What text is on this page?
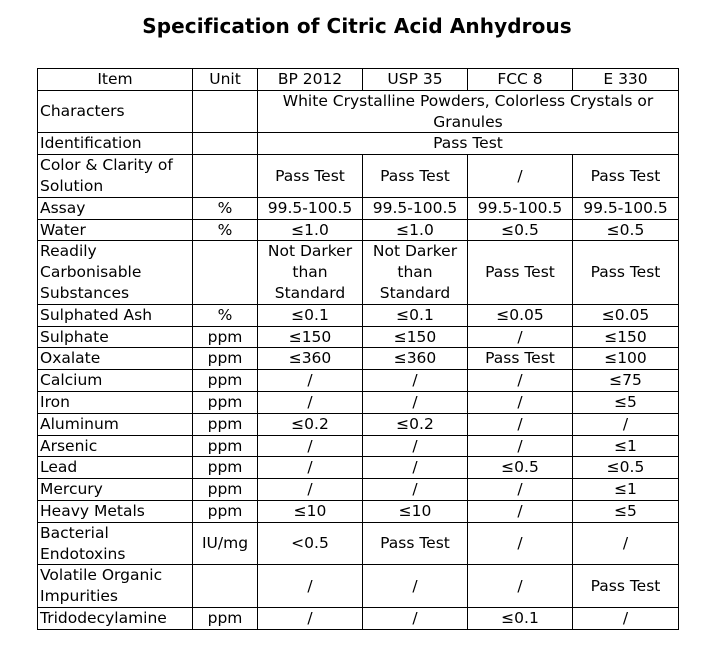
Specification of Citric Acid Anhydrous
Item	Unit	BP 2012	USP 35	FCC 8	E 330
Characters		White Crystalline Powders, Colorless Crystals or Granules			
Identification		Pass Test			
Color & Clarity of Solution		Pass Test	Pass Test	/	Pass Test
Assay	%	99.5-100.5	99.5-100.5	99.5-100.5	99.5-100.5
Water	%	≤1.0	≤1.0	≤0.5	≤0.5
Readily Carbonisable Substances		Not Darker than Standard	Not Darker than Standard	Pass Test	Pass Test
Sulphated Ash	%	≤0.1	≤0.1	≤0.05	≤0.05
Sulphate	ppm	≤150	≤150	/	≤150
Oxalate	ppm	≤360	≤360	Pass Test	≤100
Calcium	ppm	/	/	/	≤75
Iron	ppm	/	/	/	≤5
Aluminum	ppm	≤0.2	≤0.2	/	/
Arsenic	ppm	/	/	/	≤1
Lead	ppm	/	/	≤0.5	≤0.5
Mercury	ppm	/	/	/	≤1
Heavy Metals	ppm	≤10	≤10	/	≤5
Bacterial Endotoxins	IU/mg	<0.5	Pass Test	/	/
Volatile Organic Impurities		/	/	/	Pass Test
Tridodecylamine	ppm	/	/	≤0.1	/
